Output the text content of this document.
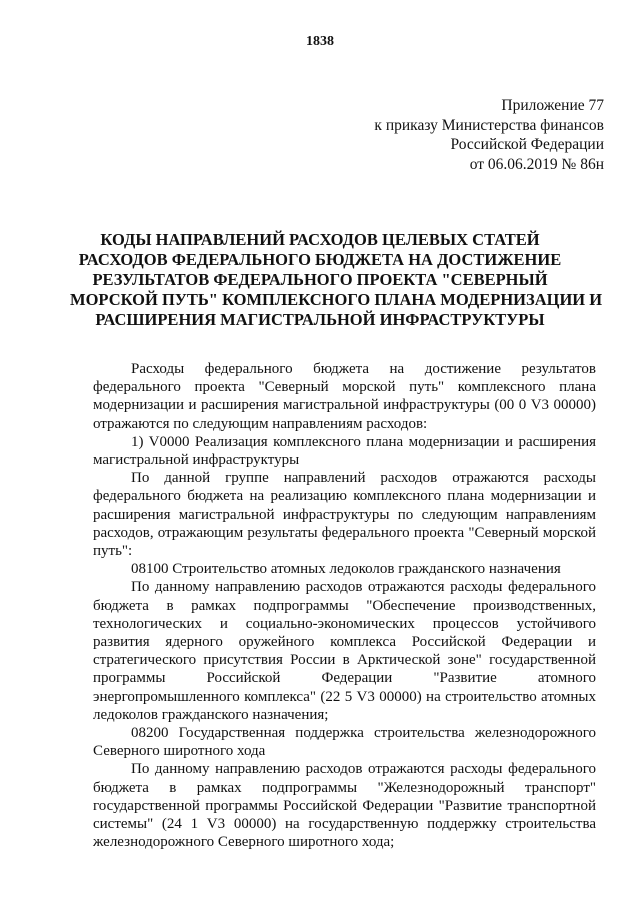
1838
Приложение 77
к приказу Министерства финансов
Российской Федерации
от 06.06.2019 № 86н
КОДЫ НАПРАВЛЕНИЙ РАСХОДОВ ЦЕЛЕВЫХ СТАТЕЙ
РАСХОДОВ ФЕДЕРАЛЬНОГО БЮДЖЕТА НА ДОСТИЖЕНИЕ
РЕЗУЛЬТАТОВ ФЕДЕРАЛЬНОГО ПРОЕКТА "СЕВЕРНЫЙ
МОРСКОЙ ПУТЬ" КОМПЛЕКСНОГО ПЛАНА МОДЕРНИЗАЦИИ И
РАСШИРЕНИЯ МАГИСТРАЛЬНОЙ ИНФРАСТРУКТУРЫ

Расходы федерального бюджета на достижение результатов федерального проекта "Северный морской путь" комплексного плана модернизации и расширения магистральной инфраструктуры (00 0 V3 00000) отражаются по следующим направлениям расходов:

1) V0000 Реализация комплексного плана модернизации и расширения магистральной инфраструктуры

По данной группе направлений расходов отражаются расходы федерального бюджета на реализацию комплексного плана модернизации и расширения магистральной инфраструктуры по следующим направлениям расходов, отражающим результаты федерального проекта "Северный морской путь":

08100 Строительство атомных ледоколов гражданского назначения

По данному направлению расходов отражаются расходы федерального бюджета в рамках подпрограммы "Обеспечение производственных, технологических и социально-экономических процессов устойчивого развития ядерного оружейного комплекса Российской Федерации и стратегического присутствия России в Арктической зоне" государственной программы Российской Федерации "Развитие атомного энергопромышленного комплекса" (22 5 V3 00000) на строительство атомных ледоколов гражданского назначения;

08200 Государственная поддержка строительства железнодорожного Северного широтного хода

По данному направлению расходов отражаются расходы федерального бюджета в рамках подпрограммы "Железнодорожный транспорт" государственной программы Российской Федерации "Развитие транспортной системы" (24 1 V3 00000) на государственную поддержку строительства железнодорожного Северного широтного хода;
